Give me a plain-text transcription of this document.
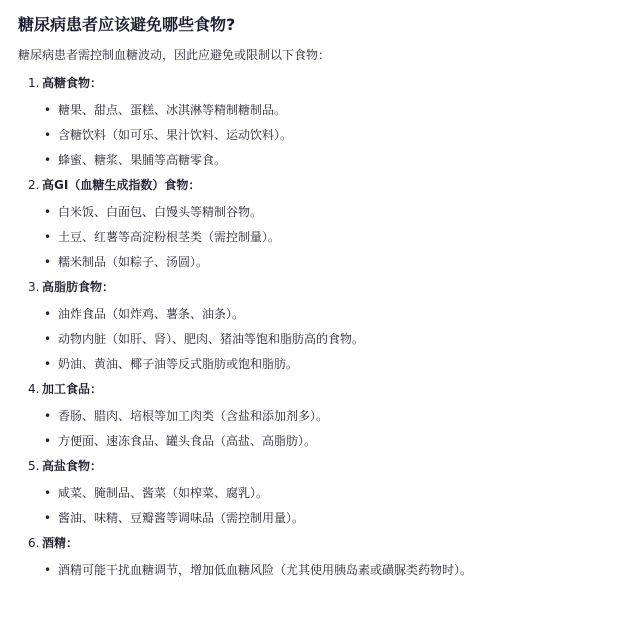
糖尿病患者应该避免哪些食物?

糖尿病患者需控制血糖波动，因此应避免或限制以下食物：

1. 高糖食物：
• 糖果、甜点、蛋糕、冰淇淋等精制糖制品。
• 含糖饮料（如可乐、果汁饮料、运动饮料）。
• 蜂蜜、糖浆、果脯等高糖零食。
2. 高GI（血糖生成指数）食物：
• 白米饭、白面包、白馒头等精制谷物。
• 土豆、红薯等高淀粉根茎类（需控制量）。
• 糯米制品（如粽子、汤圆）。
3. 高脂肪食物：
• 油炸食品（如炸鸡、薯条、油条）。
• 动物内脏（如肝、肾）、肥肉、猪油等饱和脂肪高的食物。
• 奶油、黄油、椰子油等反式脂肪或饱和脂肪。
4. 加工食品：
• 香肠、腊肉、培根等加工肉类（含盐和添加剂多）。
• 方便面、速冻食品、罐头食品（高盐、高脂肪）。
5. 高盐食物：
• 咸菜、腌制品、酱菜（如榨菜、腐乳）。
• 酱油、味精、豆瓣酱等调味品（需控制用量）。
6. 酒精：
• 酒精可能干扰血糖调节，增加低血糖风险（尤其使用胰岛素或磺脲类药物时）。
